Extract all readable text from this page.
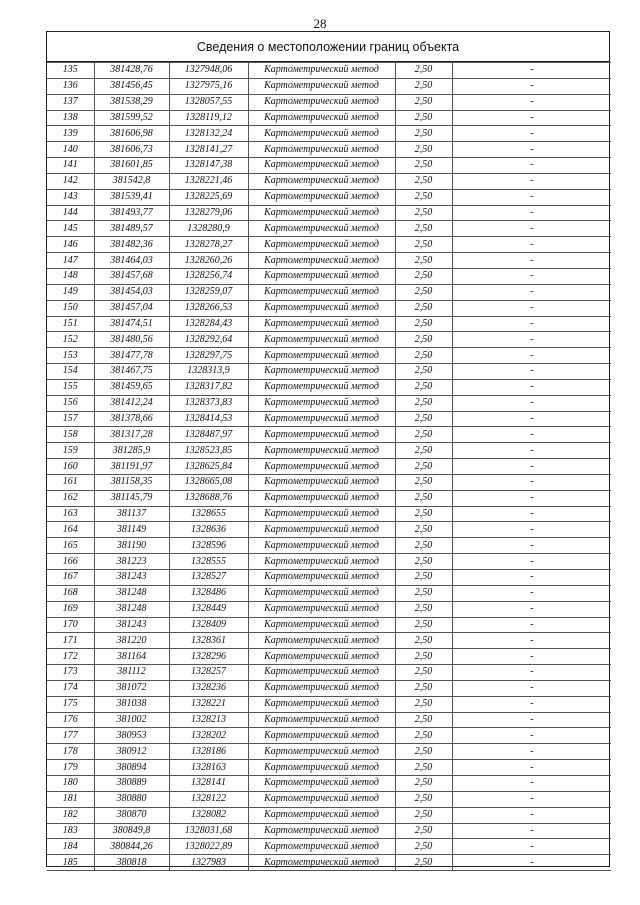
28
Сведения о местоположении границ объекта
135	381428,76	1327948,06	Картометрический метод	2,50	-
136	381456,45	1327975,16	Картометрический метод	2,50	-
137	381538,29	1328057,55	Картометрический метод	2,50	-
138	381599,52	1328119,12	Картометрический метод	2,50	-
139	381606,98	1328132,24	Картометрический метод	2,50	-
140	381606,73	1328141,27	Картометрический метод	2,50	-
141	381601,85	1328147,38	Картометрический метод	2,50	-
142	381542,8	1328221,46	Картометрический метод	2,50	-
143	381539,41	1328225,69	Картометрический метод	2,50	-
144	381493,77	1328279,06	Картометрический метод	2,50	-
145	381489,57	1328280,9	Картометрический метод	2,50	-
146	381482,36	1328278,27	Картометрический метод	2,50	-
147	381464,03	1328260,26	Картометрический метод	2,50	-
148	381457,68	1328256,74	Картометрический метод	2,50	-
149	381454,03	1328259,07	Картометрический метод	2,50	-
150	381457,04	1328266,53	Картометрический метод	2,50	-
151	381474,51	1328284,43	Картометрический метод	2,50	-
152	381480,56	1328292,64	Картометрический метод	2,50	-
153	381477,78	1328297,75	Картометрический метод	2,50	-
154	381467,75	1328313,9	Картометрический метод	2,50	-
155	381459,65	1328317,82	Картометрический метод	2,50	-
156	381412,24	1328373,83	Картометрический метод	2,50	-
157	381378,66	1328414,53	Картометрический метод	2,50	-
158	381317,28	1328487,97	Картометрический метод	2,50	-
159	381285,9	1328523,85	Картометрический метод	2,50	-
160	381191,97	1328625,84	Картометрический метод	2,50	-
161	381158,35	1328665,08	Картометрический метод	2,50	-
162	381145,79	1328688,76	Картометрический метод	2,50	-
163	381137	1328655	Картометрический метод	2,50	-
164	381149	1328636	Картометрический метод	2,50	-
165	381190	1328596	Картометрический метод	2,50	-
166	381223	1328555	Картометрический метод	2,50	-
167	381243	1328527	Картометрический метод	2,50	-
168	381248	1328486	Картометрический метод	2,50	-
169	381248	1328449	Картометрический метод	2,50	-
170	381243	1328409	Картометрический метод	2,50	-
171	381220	1328361	Картометрический метод	2,50	-
172	381164	1328296	Картометрический метод	2,50	-
173	381112	1328257	Картометрический метод	2,50	-
174	381072	1328236	Картометрический метод	2,50	-
175	381038	1328221	Картометрический метод	2,50	-
176	381002	1328213	Картометрический метод	2,50	-
177	380953	1328202	Картометрический метод	2,50	-
178	380912	1328186	Картометрический метод	2,50	-
179	380894	1328163	Картометрический метод	2,50	-
180	380889	1328141	Картометрический метод	2,50	-
181	380880	1328122	Картометрический метод	2,50	-
182	380870	1328082	Картометрический метод	2,50	-
183	380849,8	1328031,68	Картометрический метод	2,50	-
184	380844,26	1328022,89	Картометрический метод	2,50	-
185	380818	1327983	Картометрический метод	2,50	-
